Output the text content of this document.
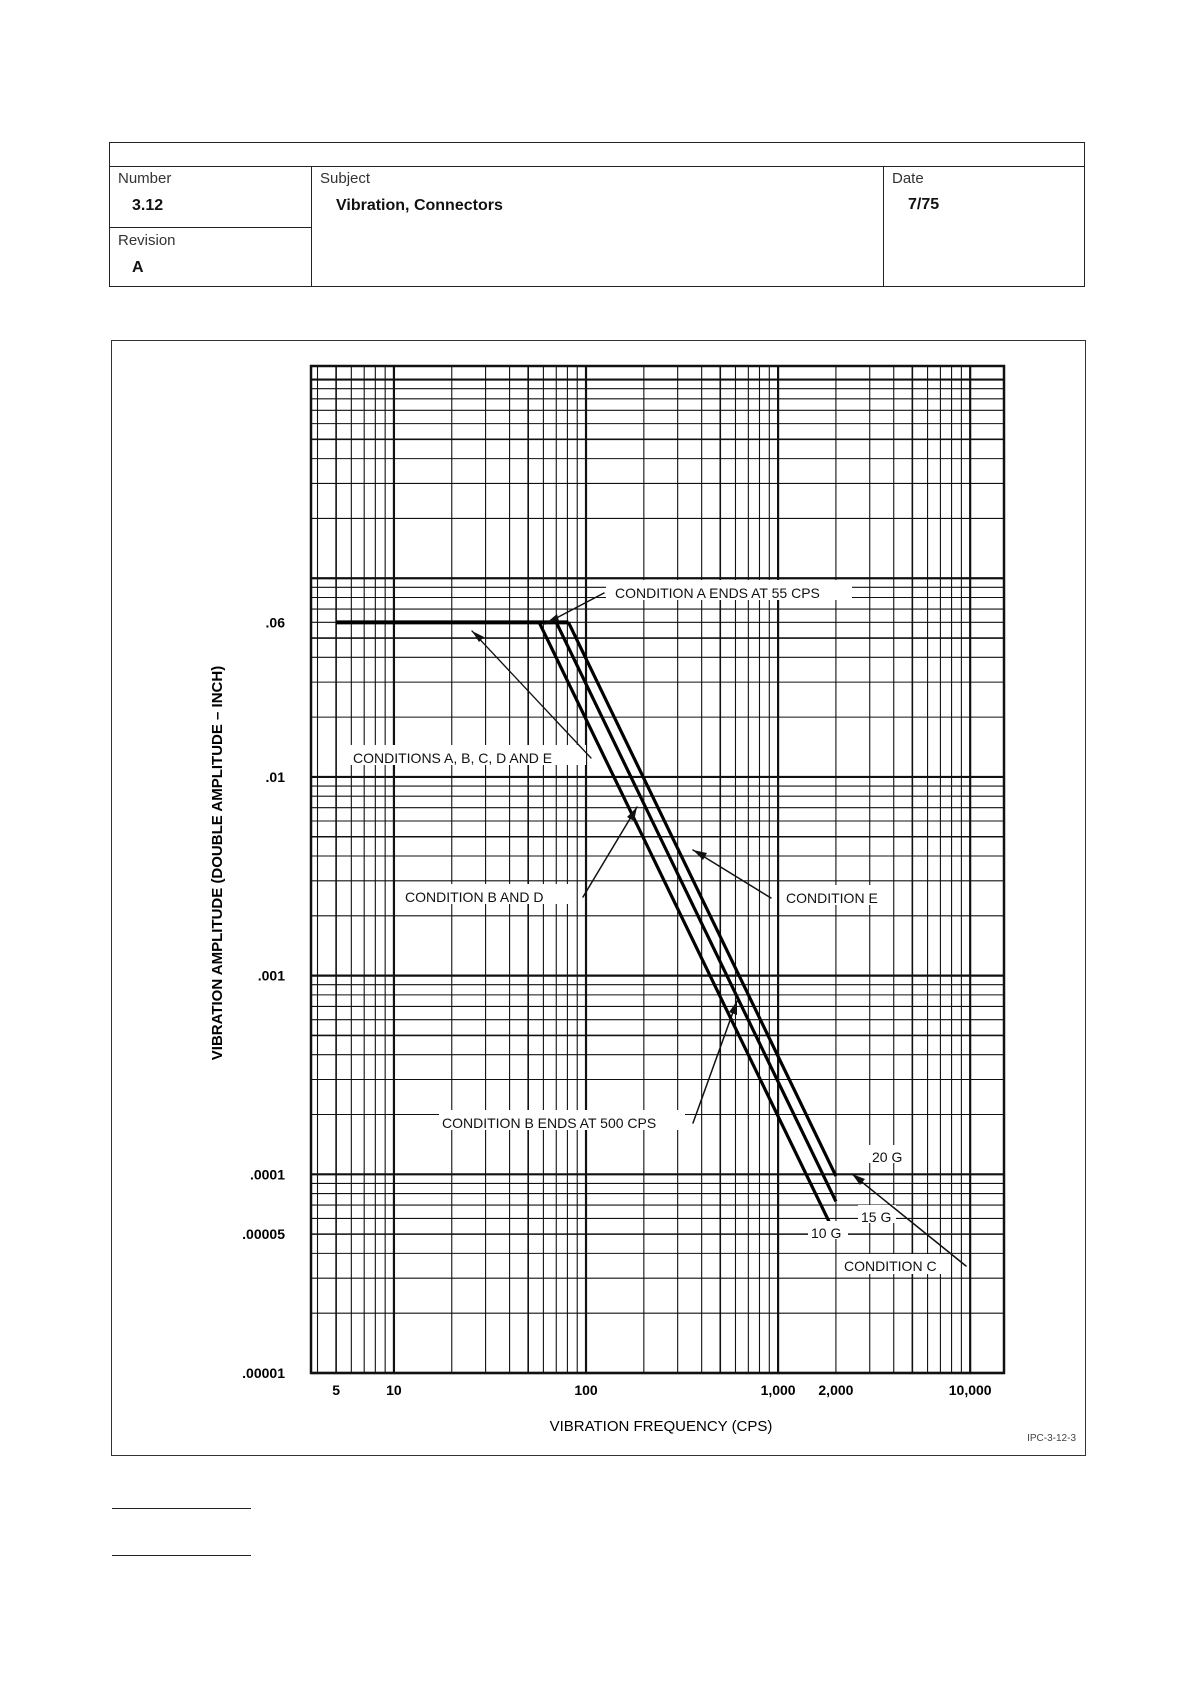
Number
3.12
Revision
A
Subject
Vibration, Connectors
Date
7/75
5	10	100	1,000 2,000	10,000
.06
.01
.001
.0001
.00005
.00001
CONDITION A ENDS AT 55 CPS
CONDITIONS A, B, C, D AND E
CONDITION B AND D	CONDITION E
CONDITION B ENDS AT 500 CPS
20 G
15 G
10 G
CONDITION C
VIBRATION FREQUENCY (CPS)
VIBRATION AMPLITUDE (DOUBLE AMPLITUDE – INCH)
IPC-3-12-3
